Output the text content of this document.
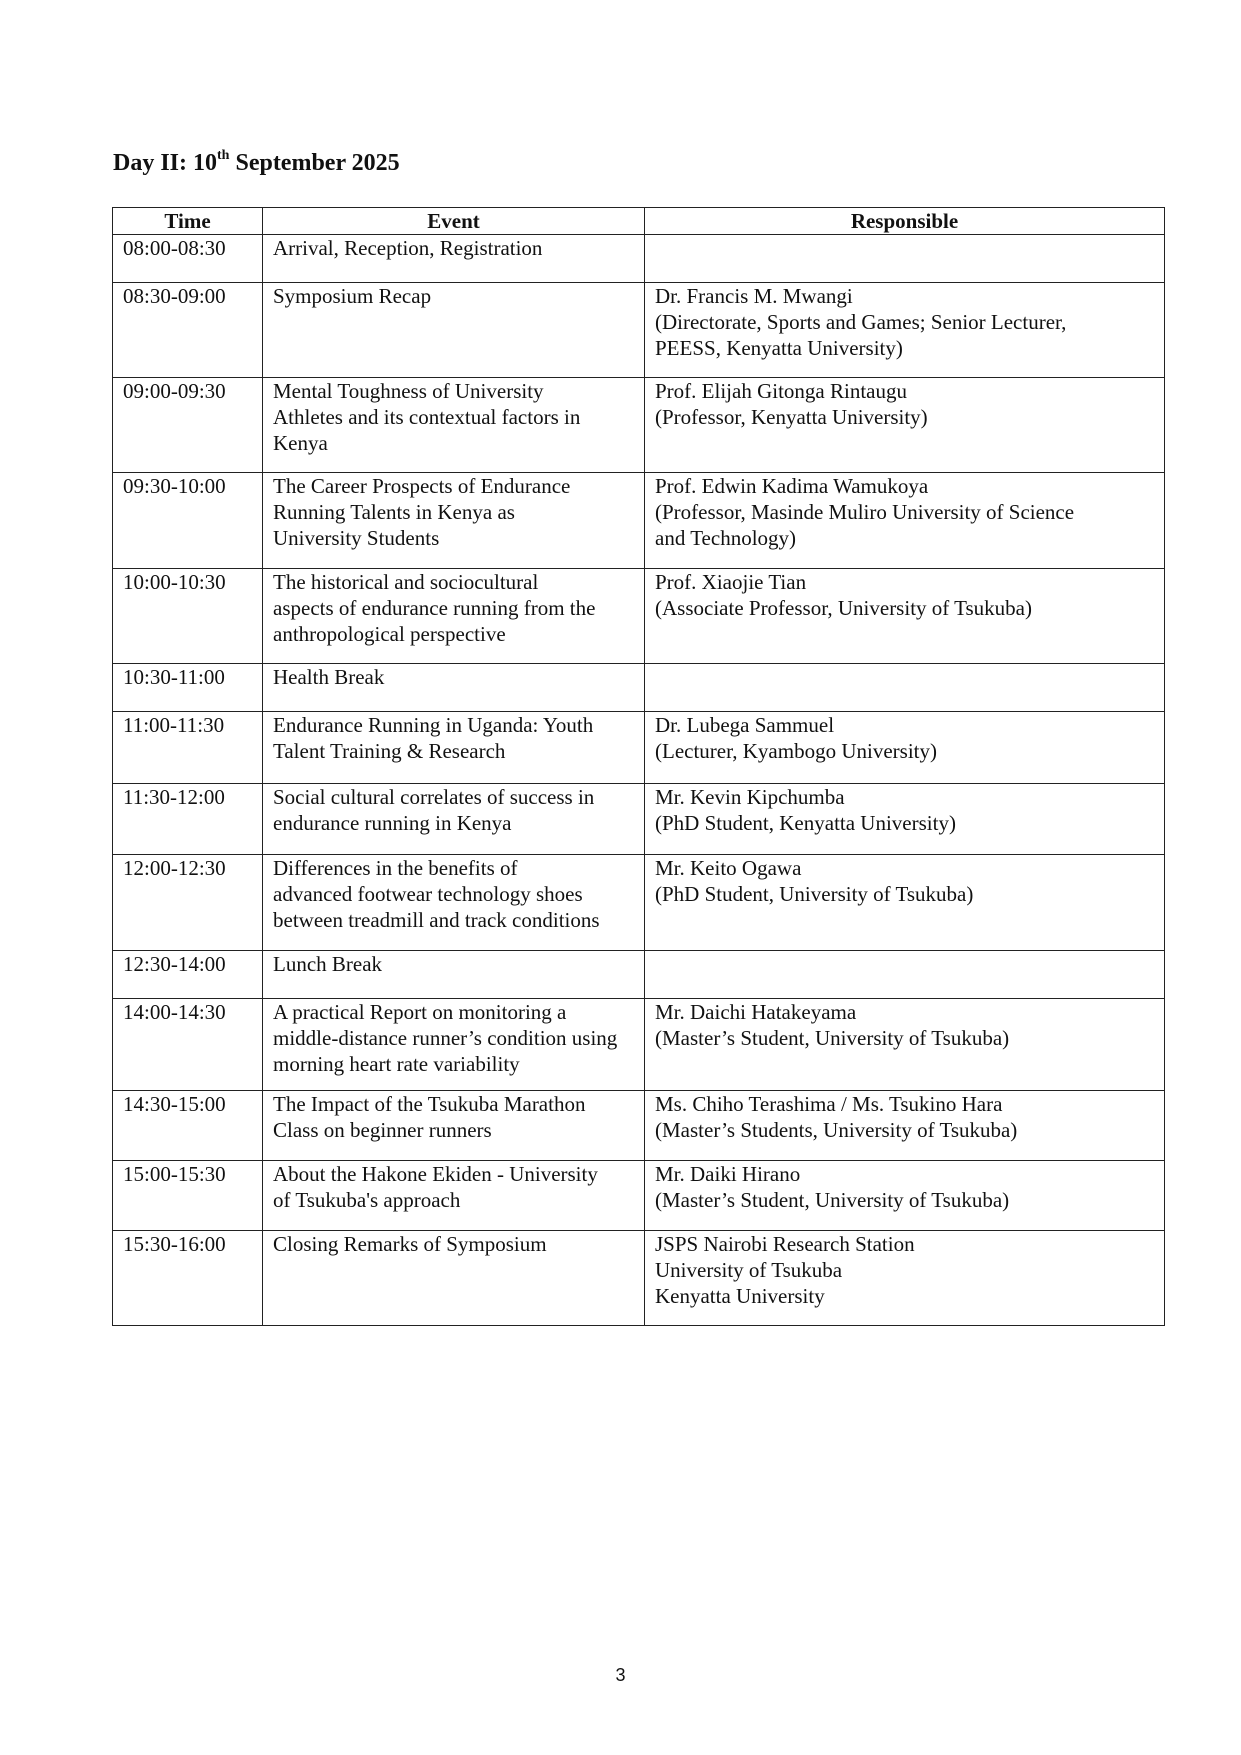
Day II: 10th September 2025
Time	Event	Responsible

08:00-08:30	Arrival, Reception, Registration	

08:30-09:00	Symposium Recap	Dr. Francis M. Mwangi
(Directorate, Sports and Games; Senior Lecturer,
PEESS, Kenyatta University)

09:00-09:30	Mental Toughness of University
Athletes and its contextual factors in
Kenya	Prof. Elijah Gitonga Rintaugu
(Professor, Kenyatta University)

09:30-10:00	The Career Prospects of Endurance
Running Talents in Kenya as
University Students	Prof. Edwin Kadima Wamukoya
(Professor, Masinde Muliro University of Science
and Technology)

10:00-10:30	The historical and sociocultural
aspects of endurance running from the
anthropological perspective	Prof. Xiaojie Tian
(Associate Professor, University of Tsukuba)

10:30-11:00	Health Break	

11:00-11:30	Endurance Running in Uganda: Youth
Talent Training & Research	Dr. Lubega Sammuel
(Lecturer, Kyambogo University)

11:30-12:00	Social cultural correlates of success in
endurance running in Kenya	Mr. Kevin Kipchumba
(PhD Student, Kenyatta University)

12:00-12:30	Differences in the benefits of
advanced footwear technology shoes
between treadmill and track conditions	Mr. Keito Ogawa
(PhD Student, University of Tsukuba)

12:30-14:00	Lunch Break	

14:00-14:30	A practical Report on monitoring a
middle-distance runner’s condition using
morning heart rate variability	Mr. Daichi Hatakeyama
(Master’s Student, University of Tsukuba)

14:30-15:00	The Impact of the Tsukuba Marathon
Class on beginner runners	Ms. Chiho Terashima / Ms. Tsukino Hara
(Master’s Students, University of Tsukuba)

15:00-15:30	About the Hakone Ekiden - University
of Tsukuba's approach	Mr. Daiki Hirano
(Master’s Student, University of Tsukuba)

15:30-16:00	Closing Remarks of Symposium	JSPS Nairobi Research Station
University of Tsukuba
Kenyatta University
3
